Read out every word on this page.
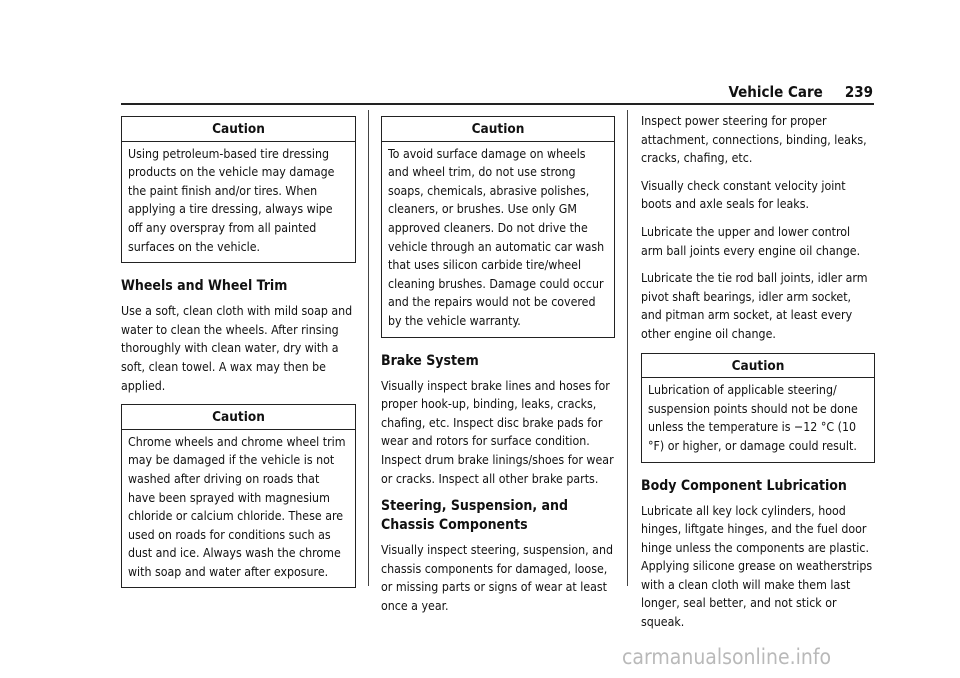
Vehicle Care 239
Caution
Using petroleum-based tire dressing products on the vehicle may damage the paint finish and/or tires. When applying a tire dressing, always wipe off any overspray from all painted surfaces on the vehicle.
Wheels and Wheel Trim

Use a soft, clean cloth with mild soap and water to clean the wheels. After rinsing thoroughly with clean water, dry with a soft, clean towel. A wax may then be applied.

Caution
Chrome wheels and chrome wheel trim may be damaged if the vehicle is not washed after driving on roads that have been sprayed with magnesium chloride or calcium chloride. These are used on roads for conditions such as dust and ice. Always wash the chrome with soap and water after exposure.
Caution
To avoid surface damage on wheels and wheel trim, do not use strong soaps, chemicals, abrasive polishes, cleaners, or brushes. Use only GM approved cleaners. Do not drive the vehicle through an automatic car wash that uses silicon carbide tire/wheel cleaning brushes. Damage could occur and the repairs would not be covered by the vehicle warranty.
Brake System

Visually inspect brake lines and hoses for proper hook-up, binding, leaks, cracks, chafing, etc. Inspect disc brake pads for wear and rotors for surface condition. Inspect drum brake linings/shoes for wear or cracks. Inspect all other brake parts.

Steering, Suspension, and Chassis Components

Visually inspect steering, suspension, and chassis components for damaged, loose, or missing parts or signs of wear at least once a year.

Inspect power steering for proper attachment, connections, binding, leaks, cracks, chafing, etc.

Visually check constant velocity joint boots and axle seals for leaks.

Lubricate the upper and lower control arm ball joints every engine oil change.

Lubricate the tie rod ball joints, idler arm pivot shaft bearings, idler arm socket, and pitman arm socket, at least every other engine oil change.

Caution
Lubrication of applicable steering/ suspension points should not be done unless the temperature is −12 °C (10 °F) or higher, or damage could result.
Body Component Lubrication

Lubricate all key lock cylinders, hood hinges, liftgate hinges, and the fuel door hinge unless the components are plastic. Applying silicone grease on weatherstrips with a clean cloth will make them last longer, seal better, and not stick or squeak.

carmanualsonline.info
